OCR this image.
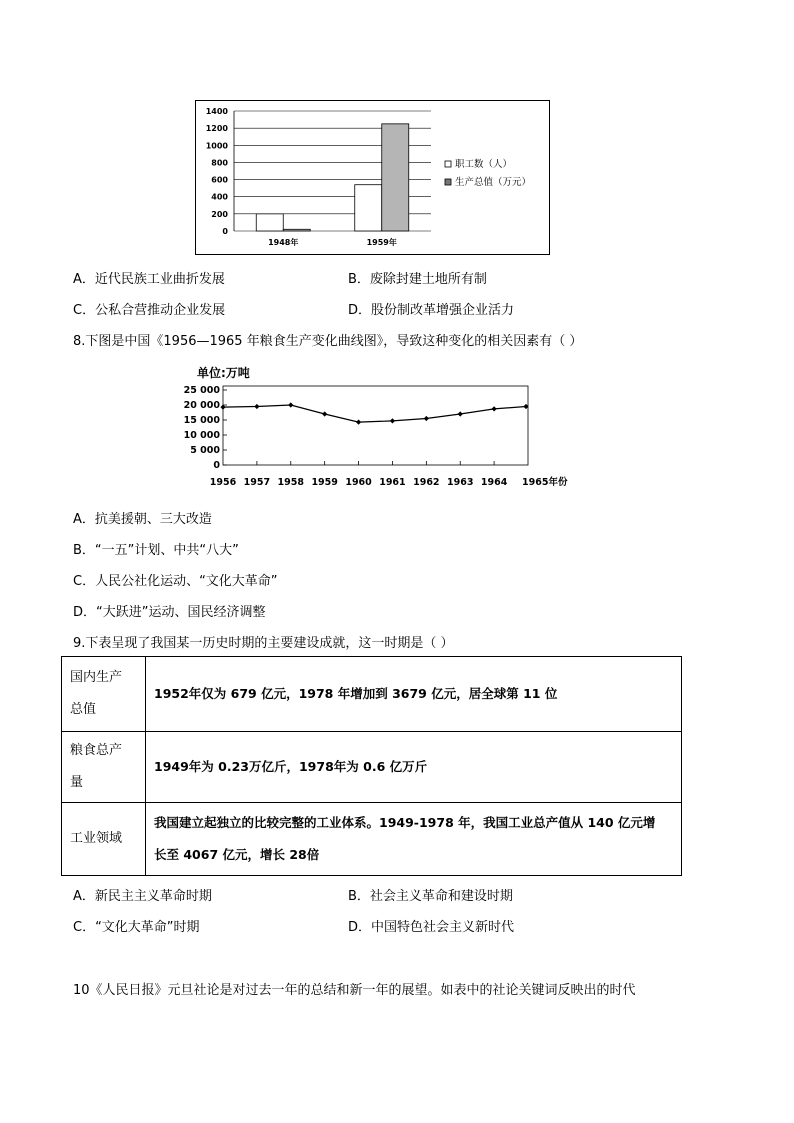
0
200
400
600
800
1000
1200
1400
1948年	1959年
职工数（人）
生产总值（万元）
A．近代民族工业曲折发展	B．废除封建土地所有制
C．公私合营推动企业发展	D．股份制改革增强企业活力
8.下图是中国《1956—1965 年粮食生产变化曲线图》，导致这种变化的相关因素有（ ）
单位:万吨
0
5 000
10 000
15 000
20 000
25 000
1956 1957 1958 1959 1960 1961 1962 1963 1964 1965年份
A．抗美援朝、三大改造
B．“一五”计划、中共“八大”
C．人民公社化运动、“文化大革命”
D．“大跃进”运动、国民经济调整
9.下表呈现了我国某一历史时期的主要建设成就，这一时期是（ ）
国内生产
总值	1952年仅为 679 亿元，1978 年增加到 3679 亿元，居全球第 11 位

粮食总产
量	1949年为 0.23万亿斤，1978年为 0.6 亿万斤

工业领域	我国建立起独立的比较完整的工业体系。1949-1978 年，我国工业总产值从 140 亿元增
长至 4067 亿元，增长 28倍
A．新民主主义革命时期	B．社会主义革命和建设时期
C．“文化大革命”时期	D．中国特色社会主义新时代
10《人民日报》元旦社论是对过去一年的总结和新一年的展望。如表中的社论关键词反映出的时代
